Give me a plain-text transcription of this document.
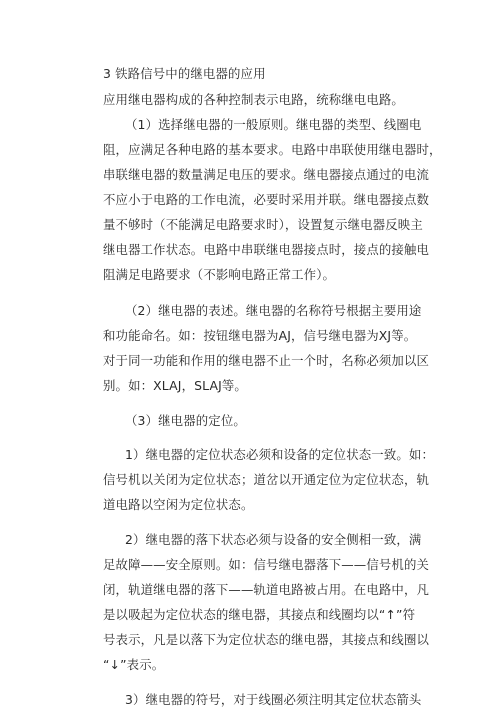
3 铁路信号中的继电器的应用
应用继电器构成的各种控制表示电路，统称继电电路。
（1）选择继电器的一般原则。继电器的类型、线圈电
阻，应满足各种电路的基本要求。电路中串联使用继电器时，
串联继电器的数量满足电压的要求。继电器接点通过的电流
不应小于电路的工作电流，必要时采用并联。继电器接点数
量不够时（不能满足电路要求时），设置复示继电器反映主
继电器工作状态。电路中串联继电器接点时，接点的接触电
阻满足电路要求（不影响电路正常工作）。
（2）继电器的表述。继电器的名称符号根据主要用途
和功能命名。如：按钮继电器为AJ，信号继电器为XJ等。
对于同一功能和作用的继电器不止一个时，名称必须加以区
别。如：XLAJ，SLAJ等。
（3）继电器的定位。
1）继电器的定位状态必须和设备的定位状态一致。如：
信号机以关闭为定位状态；道岔以开通定位为定位状态，轨
道电路以空闲为定位状态。
2）继电器的落下状态必须与设备的安全侧相一致，满
足故障——安全原则。如：信号继电器落下——信号机的关
闭，轨道继电器的落下——轨道电路被占用。在电路中，凡
是以吸起为定位状态的继电器，其接点和线圈均以“↑”符
号表示，凡是以落下为定位状态的继电器，其接点和线圈以
“↓”表示。
3）继电器的符号，对于线圈必须注明其定位状态箭头
